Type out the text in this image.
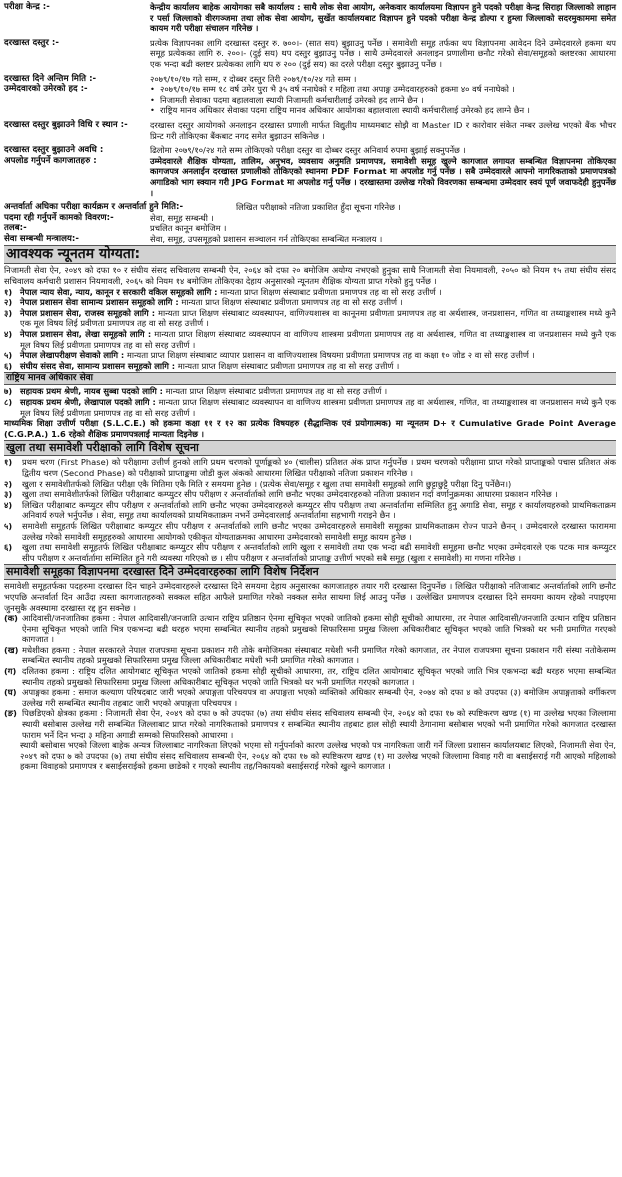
परीक्षा केन्द्र :-	केन्द्रीय कार्यालय बाहेक आयोगका सबै कार्यालय : साथै लोक सेवा आयोग, अनेकवार कार्यालयमा विज्ञापन हुने पदको परीक्षा केन्द्र सिराहा जिल्लाको लाहान र पर्सा जिल्लाको वीरगञ्जमा तथा लोक सेवा आयोग, सुर्खेत कार्यालयबाट विज्ञापन हुने पदको परीक्षा केन्द्र डोल्पा र हुम्ला जिल्लाको सदरमुकाममा समेत कायम गरी परीक्षा संचालन गरिनेछ ।
दरखास्त दस्तुर :-	प्रत्येक विज्ञापनका लागि दरखास्त दस्तुर रु. ७००।- (सात सय) बुझाउनु पर्नेछ । समावेशी समूह तर्फका थप विज्ञापनमा आवेदन दिने उम्मेदवारले हकमा थप समूह प्रत्येकका लागि रु. २००।- (दुई सय) थप दस्तुर बुझाउनु पर्नेछ । साथै उम्मेदवारले अनलाइन प्रणालीमा छनौट गरेको सेवा/समूहको क्लष्टरका आधारमा एक भन्दा बढी क्लष्टर प्रत्येकका लागि थप रु २०० (दुई सय) का दरले परीक्षा दस्तुर बुझाउनु पर्नेछ ।
दरखास्त दिने अन्तिम मिति :-	२०७९/१०/१७ गते सम्म, र दोब्बर दस्तुर तिरी २०७९/१०/२४ गते सम्म ।
उम्मेदवारको उमेरको हद :-	• २०७९/१०/१७ सम्म १८ वर्ष उमेर पुरा भै ३५ वर्ष ननाघेको र महिला तथा अपाङ्ग उम्मेदवारहरुको हकमा ४० वर्ष ननाघेको ।
• निजामती सेवाका पदमा बहालवाला स्थायी निजामती कर्मचारीलाई उमेरको हद लाग्ने छैन ।
• राष्ट्रिय मानव अधिकार सेवाका पदमा राष्ट्रिय मानव अधिकार आयोगका बहालवाला स्थायी कर्मचारीलाई उमेरको हद लाग्ने छैन ।
दरखास्त दस्तुर बुझाउने विधि र स्थान :-	दरखास्त दस्तुर आयोगको अनलाइन दरखास्त प्रणाली मार्फत विद्युतीय माध्यमबाट सोझै वा Master ID र कारोवार संकेत नम्बर उल्लेख भएको बैंक भौचर प्रिन्ट गरी तोकिएका बैंकबाट नगद समेत बुझाउन सकिनेछ ।
दरखास्त दस्तुर बुझाउने अवधि :	ढिलोमा २०७९/१०/२४ गते सम्म तोकिएको परीक्षा दस्तुर वा दोब्बर दस्तुर अनिवार्य रुपमा बुझाई सक्नुपर्नेछ ।
अपलोड गर्नुपर्ने कागजातहरु :	उम्मेदवारले शैक्षिक योग्यता, तालिम, अनुभव, व्यवसाय अनुमति प्रमाणपत्र, समावेशी समूह खुल्ने कागजात लगायत सम्बन्धित विज्ञापनमा तोकिएका कागजपत्र अनलाईन दरखास्त प्रणालीको तोकिएको स्थानमा PDF Format मा अपलोड गर्नु पर्नेछ । सबै उम्मेदवारले आफ्नो नागरिकताको प्रमाणपत्रको अगाडिको भाग स्क्यान गरी JPG Format मा अपलोड गर्नु पर्नेछ । दरखास्तमा उल्लेख गरेको विवरणका सम्बन्धमा उम्मेदवार स्वयं पूर्ण जवाफदेही हुनुपर्नेछ ।
अन्तर्वार्ता अघिका परीक्षा कार्यक्रम र अन्तर्वार्ता हुने मिति:-	लिखित परीक्षाको नतिजा प्रकाशित हुँदा सूचना गरिनेछ ।
पदमा रही गर्नुपर्ने कामको विवरण:-	सेवा, समूह सम्बन्धी ।
तलब:-	प्रचलित कानून बमोजिम ।
सेवा सम्बन्धी मन्त्रालय:-	सेवा, समूह, उपसमूहको प्रशासन सञ्चालन गर्न तोकिएका सम्बन्धित मन्त्रालय ।
आवश्यक न्यूनतम योग्यता:
निजामती सेवा ऐन, २०४९ को दफा १० र संघीय संसद सचिवालय सम्बन्धी ऐन, २०६४ को दफा २० बमोजिम अयोग्य नभएको हुनुका साथै निजामती सेवा नियमावली, २०५० को नियम १५ तथा संघीय संसद सचिवालय कर्मचारी प्रशासन नियमावली, २०६५ को नियम १४ बमोजिम तोकिएका देहाय अनुसारको न्यूनतम शैक्षिक योग्यता प्राप्त गरेको हुनु पर्नेछ ।
१) नेपाल न्याय सेवा, न्याय, कानून र सरकारी वकिल समूहको लागि : मान्यता प्राप्त शिक्षण संस्थाबाट प्रवीणता प्रमाणपत्र तह वा सो सरह उत्तीर्ण ।
२) नेपाल प्रशासन सेवा सामान्य प्रशासन समूहको लागि : मान्यता प्राप्त शिक्षण संस्थाबाट प्रवीणता प्रमाणपत्र तह वा सो सरह उत्तीर्ण ।
३) नेपाल प्रशासन सेवा, राजस्व समूहको लागि : मान्यता प्राप्त शिक्षण संस्थाबाट व्यवस्थापन, वाणिज्यशास्त्र वा कानूनमा प्रवीणता प्रमाणपत्र तह वा अर्थशास्त्र, जनप्रशासन, गणित वा तथ्याङ्कशास्त्र मध्ये कुनै एक मूल विषय लिई प्रवीणता प्रमाणपत्र तह वा सो सरह उत्तीर्ण ।
४) नेपाल प्रशासन सेवा, लेखा समूहको लागि : मान्यता प्राप्त शिक्षण संस्थाबाट व्यवस्थापन वा वाणिज्य शास्त्रमा प्रवीणता प्रमाणपत्र तह वा अर्थशास्त्र, गणित वा तथ्याङ्कशास्त्र वा जनप्रशासन मध्ये कुनै एक मूल विषय लिई प्रवीणता प्रमाणपत्र तह वा सो सरह उत्तीर्ण ।
५) नेपाल लेखापरीक्षण सेवाको लागि : मान्यता प्राप्त शिक्षण संस्थाबाट व्यापार प्रशासन वा वाणिज्यशास्त्र विषयमा प्रवीणता प्रमाणपत्र तह वा कक्षा १० जोड २ वा सो सरह उत्तीर्ण ।
६) संघीय संसद सेवा, सामान्य प्रशासन समूहको लागि : मान्यता प्राप्त शिक्षण संस्थाबाट प्रवीणता प्रमाणपत्र तह वा सो सरह उत्तीर्ण ।
राष्ट्रिय मानव अधिकार सेवा
७) सहायक प्रथम श्रेणी, नायब सुब्बा पदको लागि : मान्यता प्राप्त शिक्षण संस्थाबाट प्रवीणता प्रमाणपत्र तह वा सो सरह उत्तीर्ण ।
८) सहायक प्रथम श्रेणी, लेखापाल पदको लागि : मान्यता प्राप्त शिक्षण संस्थाबाट व्यवस्थापन वा वाणिज्य शास्त्रमा प्रवीणता प्रमाणपत्र तह वा अर्थशास्त्र, गणित, वा तथ्याङ्कशास्त्र वा जनप्रशासन मध्ये कुनै एक मूल विषय लिई प्रवीणता प्रमाणपत्र तह वा सो सरह उत्तीर्ण ।
माध्यमिक शिक्षा उत्तीर्ण परीक्षा (S.L.C.E.) को हकमा कक्षा ११ र १२ का प्रत्येक विषयहरु (सैद्धान्तिक एवं प्रयोगात्मक) मा न्यूनतम D+ र Cumulative Grade Point Average (C.G.P.A.) 1.6 रहेको शैक्षिक प्रमाणपत्रलाई मान्यता दिइनेछ ।
खुला तथा समावेशी परीक्षाको लागि विशेष सूचना
१)	प्रथम चरण (First Phase) को परीक्षामा उत्तीर्ण हुनको लागि प्रथम चरणको पूर्णाङ्कको ४० (चालीस) प्रतिशत अंक प्राप्त गर्नुपर्नेछ । प्रथम चरणको परीक्षामा प्राप्त गरेको प्राप्ताङ्कको पचास प्रतिशत अंक द्वितीय चरण (Second Phase) को परीक्षाको प्राप्ताङ्कमा जोडी कुल अंकको आधारमा लिखित परीक्षाको नतिजा प्रकाशन गरिनेछ ।
२)	खुला र समावेशीतर्फको लिखित परीक्षा एकै मितिमा एकै मिति र समयमा हुनेछ । (प्रत्येक सेवा/समूह र खुला तथा समावेशी समूहको लागि छुट्टाछुट्टै परीक्षा दिनु पर्नेछैन।)
३)	खुला तथा समावेशीतर्फको लिखित परीक्षाबाट कम्प्युटर सीप परीक्षण र अन्तर्वार्ताको लागि छनौट भएका उम्मेदवारहरुको नतिजा प्रकाशन गर्दा वर्णानुक्रमका आधारमा प्रकाशन गरिनेछ ।
४)	लिखित परीक्षाबाट कम्प्युटर सीप परीक्षण र अन्तर्वार्ताको लागि छनौट भएका उम्मेदवारहरुले कम्प्युटर सीप परीक्षण तथा अन्तर्वार्तामा सम्मिलित हुनु अगाडि सेवा, समूह र कार्यालयहरुको प्राथमिकताक्रम अनिवार्य रुपले भर्नुपर्नेछ । सेवा, समूह तथा कार्यालयको प्राथमिकताक्रम नभर्ने उम्मेदवारलाई अन्तर्वार्तामा सहभागी गराइने छैन ।
५)	समावेशी समूहतर्फ लिखित परीक्षाबाट कम्प्युटर सीप परीक्षण र अन्तर्वार्ताको लागि छनौट भएका उम्मेदवारहरुले समावेशी समूहका प्राथमिकताक्रम रोज्न पाउने छैनन् । उम्मेदवारले दरखास्त फाराममा उल्लेख गरेको समावेशी समूहहरुको आधारमा आयोगको एकीकृत योग्यताक्रमका आधारमा उम्मेदवारको समावेशी समूह कायम हुनेछ ।
६)	खुला तथा समावेशी समूहतर्फ लिखित परीक्षाबाट कम्प्युटर सीप परीक्षण र अन्तर्वार्ताको लागि खुला र समावेशी तथा एक भन्दा बढी समावेशी समूहमा छनौट भएका उम्मेदवारले एक पटक मात्र कम्प्युटर सीप परीक्षण र अन्तर्वार्तामा सम्मिलित हुने गरी व्यवस्था गरिएको छ । सीप परीक्षण र अन्तर्वार्ताको प्राप्ताङ्क उत्तीर्ण भएको सबै समूह (खुला र समावेशी) मा गणना गरिनेछ ।
समावेशी समूहका विज्ञापनमा दरखास्त दिने उम्मेदवारहरुका लागि विशेष निर्देशन
समावेशी समूहतर्फका पदहरुमा दरखास्त दिन चाहने उम्मेदवारहरुले दरखास्त दिने समयमा देहाय अनुसारका कागजातहरु तयार गरी दरखास्त दिनुपर्नेछ । लिखित परीक्षाको नतिजाबाट अन्तर्वार्ताको लागि छनौट भएपछि अन्तर्वार्ता दिन आउँदा त्यस्ता कागजातहरुको सक्कल सहित आफैले प्रमाणित गरेको नक्कल समेत साथमा लिई आउनु पर्नेछ । उल्लेखित प्रमाणपत्र दरखास्त दिने समयमा कायम रहेको नपाइएमा जुनसुकै अवस्थामा दरखास्त रद्द हुन सक्नेछ ।
(क) आदिवासी/जनजातिका हकमा : नेपाल आदिवासी/जनजाति उत्थान राष्ट्रिय प्रतिष्ठान ऐनमा सूचिकृत भएको जातिको हकमा सोही सूचीको आधारमा, तर नेपाल आदिवासी/जनजाति उत्थान राष्ट्रिय प्रतिष्ठान ऐनमा सूचिकृत भएको जाति भित्र एकभन्दा बढी थरहरु भएमा सम्बन्धित स्थानीय तहको प्रमुखको सिफारिसमा प्रमुख जिल्ला अधिकारीबाट सूचिकृत भएको जाति भित्रको थर भनी प्रमाणित गरएको कागजात ।
(ख) मधेशीका हकमा : नेपाल सरकारले नेपाल राजपत्रमा सूचना प्रकाशन गरी तोके बमोजिमका संस्थाबाट मधेशी भनी प्रमाणित गरेको कागजात, तर नेपाल राजपत्रमा सूचना प्रकाशन गरी संस्था नतोकेसम्म सम्बन्धित स्थानीय तहको प्रमुखको सिफारिसमा प्रमुख जिल्ला अधिकारीबाट मधेशी भनी प्रमाणित गरेको कागजात ।
(ग) दलितका हकमा : राष्ट्रिय दलित आयोगबाट सूचिकृत भएको जातिको हकमा सोही सूचीको आधारमा, तर, राष्ट्रिय दलित आयोगबाट सूचिकृत भएको जाति भित्र एकभन्दा बढी थरहरु भएमा सम्बन्धित स्थानीय तहको प्रमुखको सिफारिसमा प्रमुख जिल्ला अधिकारीबाट सूचिकृत भएको जाति भित्रको थर भनी प्रमाणित गरएको कागजात ।
(घ) अपाङ्गका हकमा : समाज कल्याण परिषदबाट जारी भएको अपाङ्गता परिचयपत्र वा अपाङ्गता भएको व्यक्तिको अधिकार सम्बन्धी ऐन, २०७४ को दफा ४ को उपदफा (३) बमोजिम अपाङ्गताको वर्गीकरण उल्लेख गरी सम्बन्धित स्थानीय तहबाट जारी भएको अपाङ्गता परिचयपत्र ।
(ङ) पिछडिएको क्षेत्रका हकमा : निजामती सेवा ऐन, २०४९ को दफा ७ को उपदफा (७) तथा संघीय संसद सचिवालय सम्बन्धी ऐन, २०६४ को दफा १७ को स्पष्टिकरण खण्ड (१) मा उल्लेख भएका जिल्लामा स्थायी बसोबास उल्लेख गरी सम्बन्धित जिल्लाबाट प्राप्त गरेको नागरिकताको प्रमाणपत्र र सम्बन्धित स्थानीय तहबाट हाल सोही स्थायी ठेगानामा बसोबास भएको भनी प्रमाणित गरेको कागजात दरखास्त फाराम भर्ने दिन भन्दा ३ महिना अगाडी सम्मको सिफारिसको आधारमा ।
स्थायी बसोबास भएको जिल्ला बाहेक अन्यत्र जिल्लाबाट नागरिकता लिएको भएमा सो गर्नुपर्नाको कारण उल्लेख भएको पत्र नागरिकता जारी गर्ने जिल्ला प्रशासन कार्यालयबाट लिएको, निजामती सेवा ऐन, २०४९ को दफा ७ को उपदफा (७) तथा संघीय संसद सचिवालय सम्बन्धी ऐन, २०६४ को दफा १७ को स्पष्टिकरण खण्ड (१) मा उल्लेख भएको जिल्लामा विवाह गरी वा बसाईसराई गरी आएको महिलाको हकमा विवाहको प्रमाणपत्र र बसाईसराईको हकमा छाडेको र गएको स्थानीय तह/निकायको बसाईसराई गरेको खुल्ने कागजात ।
